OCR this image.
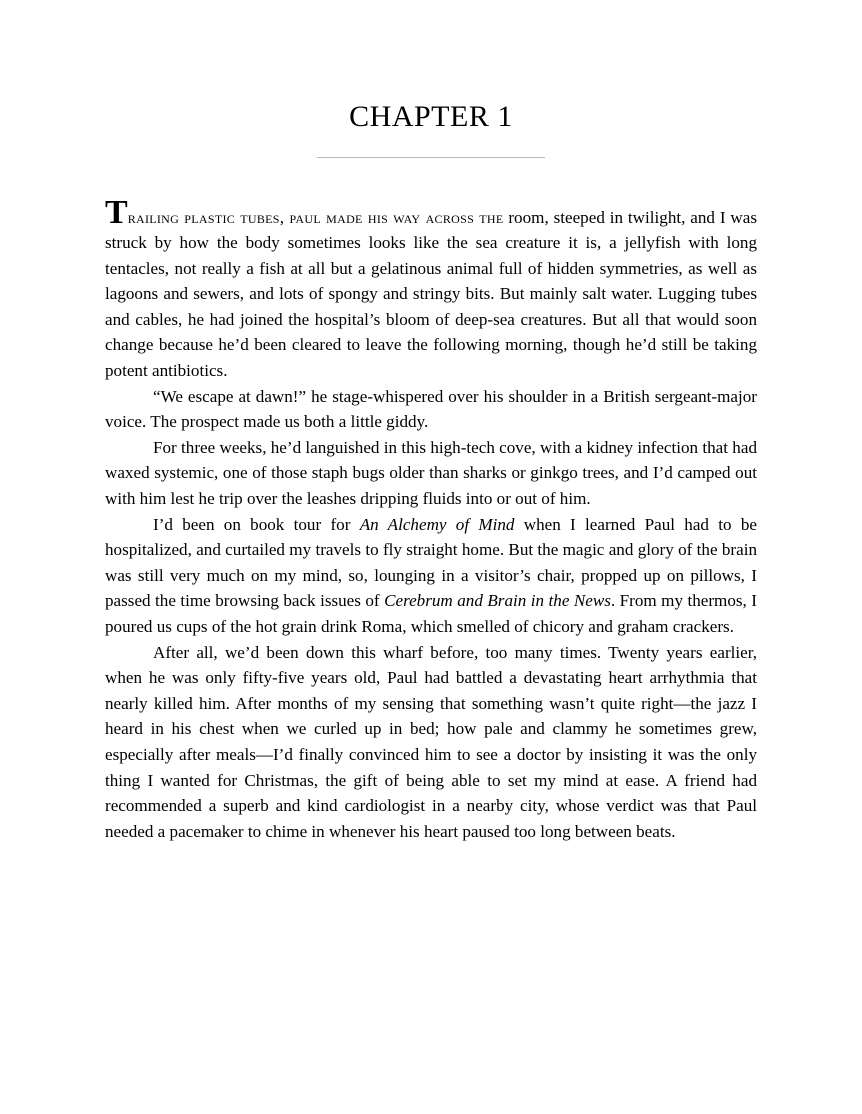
CHAPTER 1

Trailing plastic tubes, paul made his way across the room, steeped in twilight, and I was struck by how the body sometimes looks like the sea creature it is, a jellyfish with long tentacles, not really a fish at all but a gelatinous animal full of hidden symmetries, as well as lagoons and sewers, and lots of spongy and stringy bits. But mainly salt water. Lugging tubes and cables, he had joined the hospital’s bloom of deep-sea creatures. But all that would soon change because he’d been cleared to leave the following morning, though he’d still be taking potent antibiotics.

“We escape at dawn!” he stage-whispered over his shoulder in a British sergeant-major voice. The prospect made us both a little giddy.

For three weeks, he’d languished in this high-tech cove, with a kidney infection that had waxed systemic, one of those staph bugs older than sharks or ginkgo trees, and I’d camped out with him lest he trip over the leashes dripping fluids into or out of him.

I’d been on book tour for An Alchemy of Mind when I learned Paul had to be hospitalized, and curtailed my travels to fly straight home. But the magic and glory of the brain was still very much on my mind, so, lounging in a visitor’s chair, propped up on pillows, I passed the time browsing back issues of Cerebrum and Brain in the News. From my thermos, I poured us cups of the hot grain drink Roma, which smelled of chicory and graham crackers.

After all, we’d been down this wharf before, too many times. Twenty years earlier, when he was only fifty-five years old, Paul had battled a devastating heart arrhythmia that nearly killed him. After months of my sensing that something wasn’t quite right—the jazz I heard in his chest when we curled up in bed; how pale and clammy he sometimes grew, especially after meals—I’d finally convinced him to see a doctor by insisting it was the only thing I wanted for Christmas, the gift of being able to set my mind at ease. A friend had recommended a superb and kind cardiologist in a nearby city, whose verdict was that Paul needed a pacemaker to chime in whenever his heart paused too long between beats.
